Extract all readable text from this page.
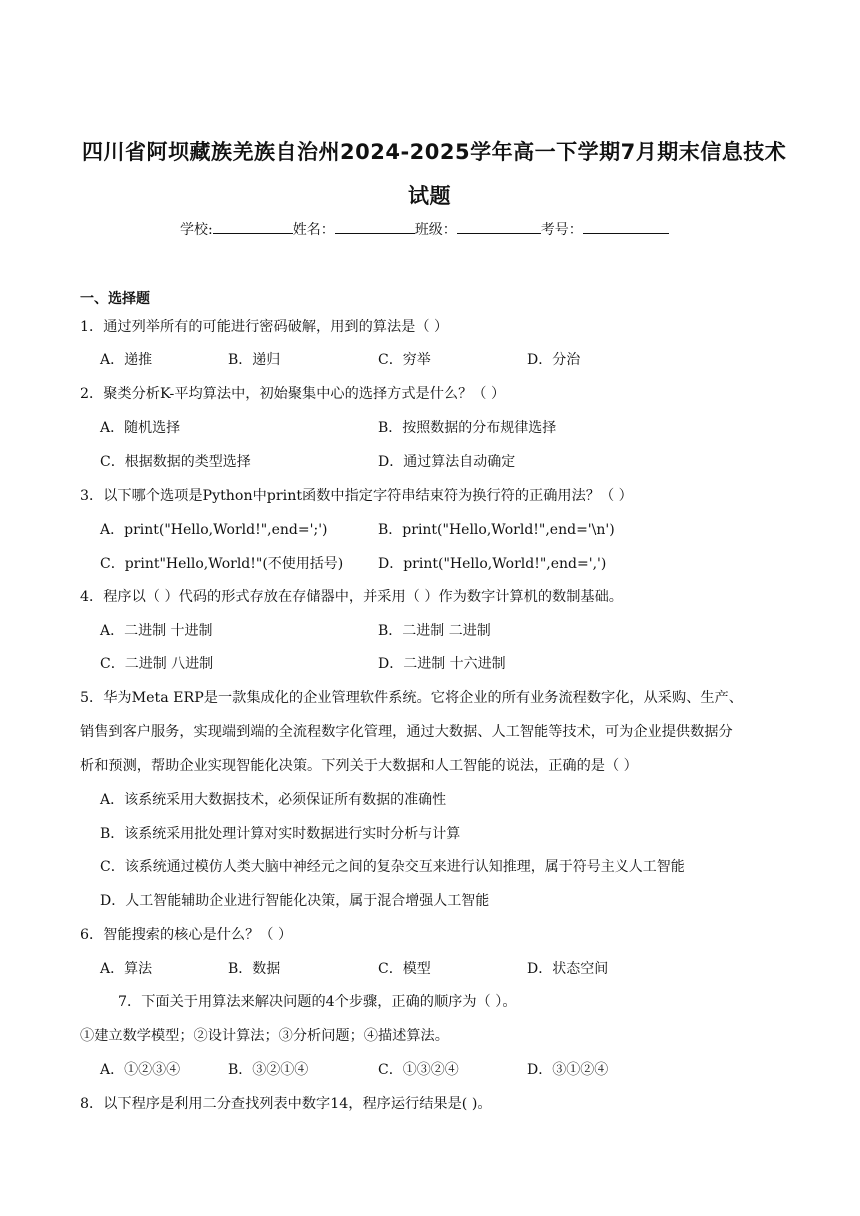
四川省阿坝藏族羌族自治州2024-2025学年高一下学期7月期末信息技术
试题
学校:	姓名：	班级：	考号：
一、选择题
1．通过列举所有的可能进行密码破解，用到的算法是（ ）
A．递推	B．递归	C．穷举	D．分治
2．聚类分析K-平均算法中，初始聚集中心的选择方式是什么？（ ）
A．随机选择	B．按照数据的分布规律选择
C．根据数据的类型选择	D．通过算法自动确定
3．以下哪个选项是Python中print函数中指定字符串结束符为换行符的正确用法？（ ）
A．print("Hello,World!",end=';')	B．print("Hello,World!",end='\n')
C．print"Hello,World!"(不使用括号) D．print("Hello,World!",end=',')
4．程序以（ ）代码的形式存放在存储器中，并采用（ ）作为数字计算机的数制基础。
A．二进制 十进制	B．二进制 二进制
C．二进制 八进制	D．二进制 十六进制
5．华为Meta ERP是一款集成化的企业管理软件系统。它将企业的所有业务流程数字化，从采购、生产、
销售到客户服务，实现端到端的全流程数字化管理，通过大数据、人工智能等技术，可为企业提供数据分
析和预测，帮助企业实现智能化决策。下列关于大数据和人工智能的说法，正确的是（ ）
A．该系统采用大数据技术，必须保证所有数据的准确性
B．该系统采用批处理计算对实时数据进行实时分析与计算
C．该系统通过模仿人类大脑中神经元之间的复杂交互来进行认知推理，属于符号主义人工智能
D．人工智能辅助企业进行智能化决策，属于混合增强人工智能
6．智能搜索的核心是什么？（ ）
A．算法	B．数据	C．模型	D．状态空间
7．下面关于用算法来解决问题的4个步骤，正确的顺序为（ ）。
①建立数学模型；②设计算法；③分析问题；④描述算法。
A．①②③④	B．③②①④	C．①③②④	D．③①②④
8．以下程序是利用二分查找列表中数字14，程序运行结果是( )。
